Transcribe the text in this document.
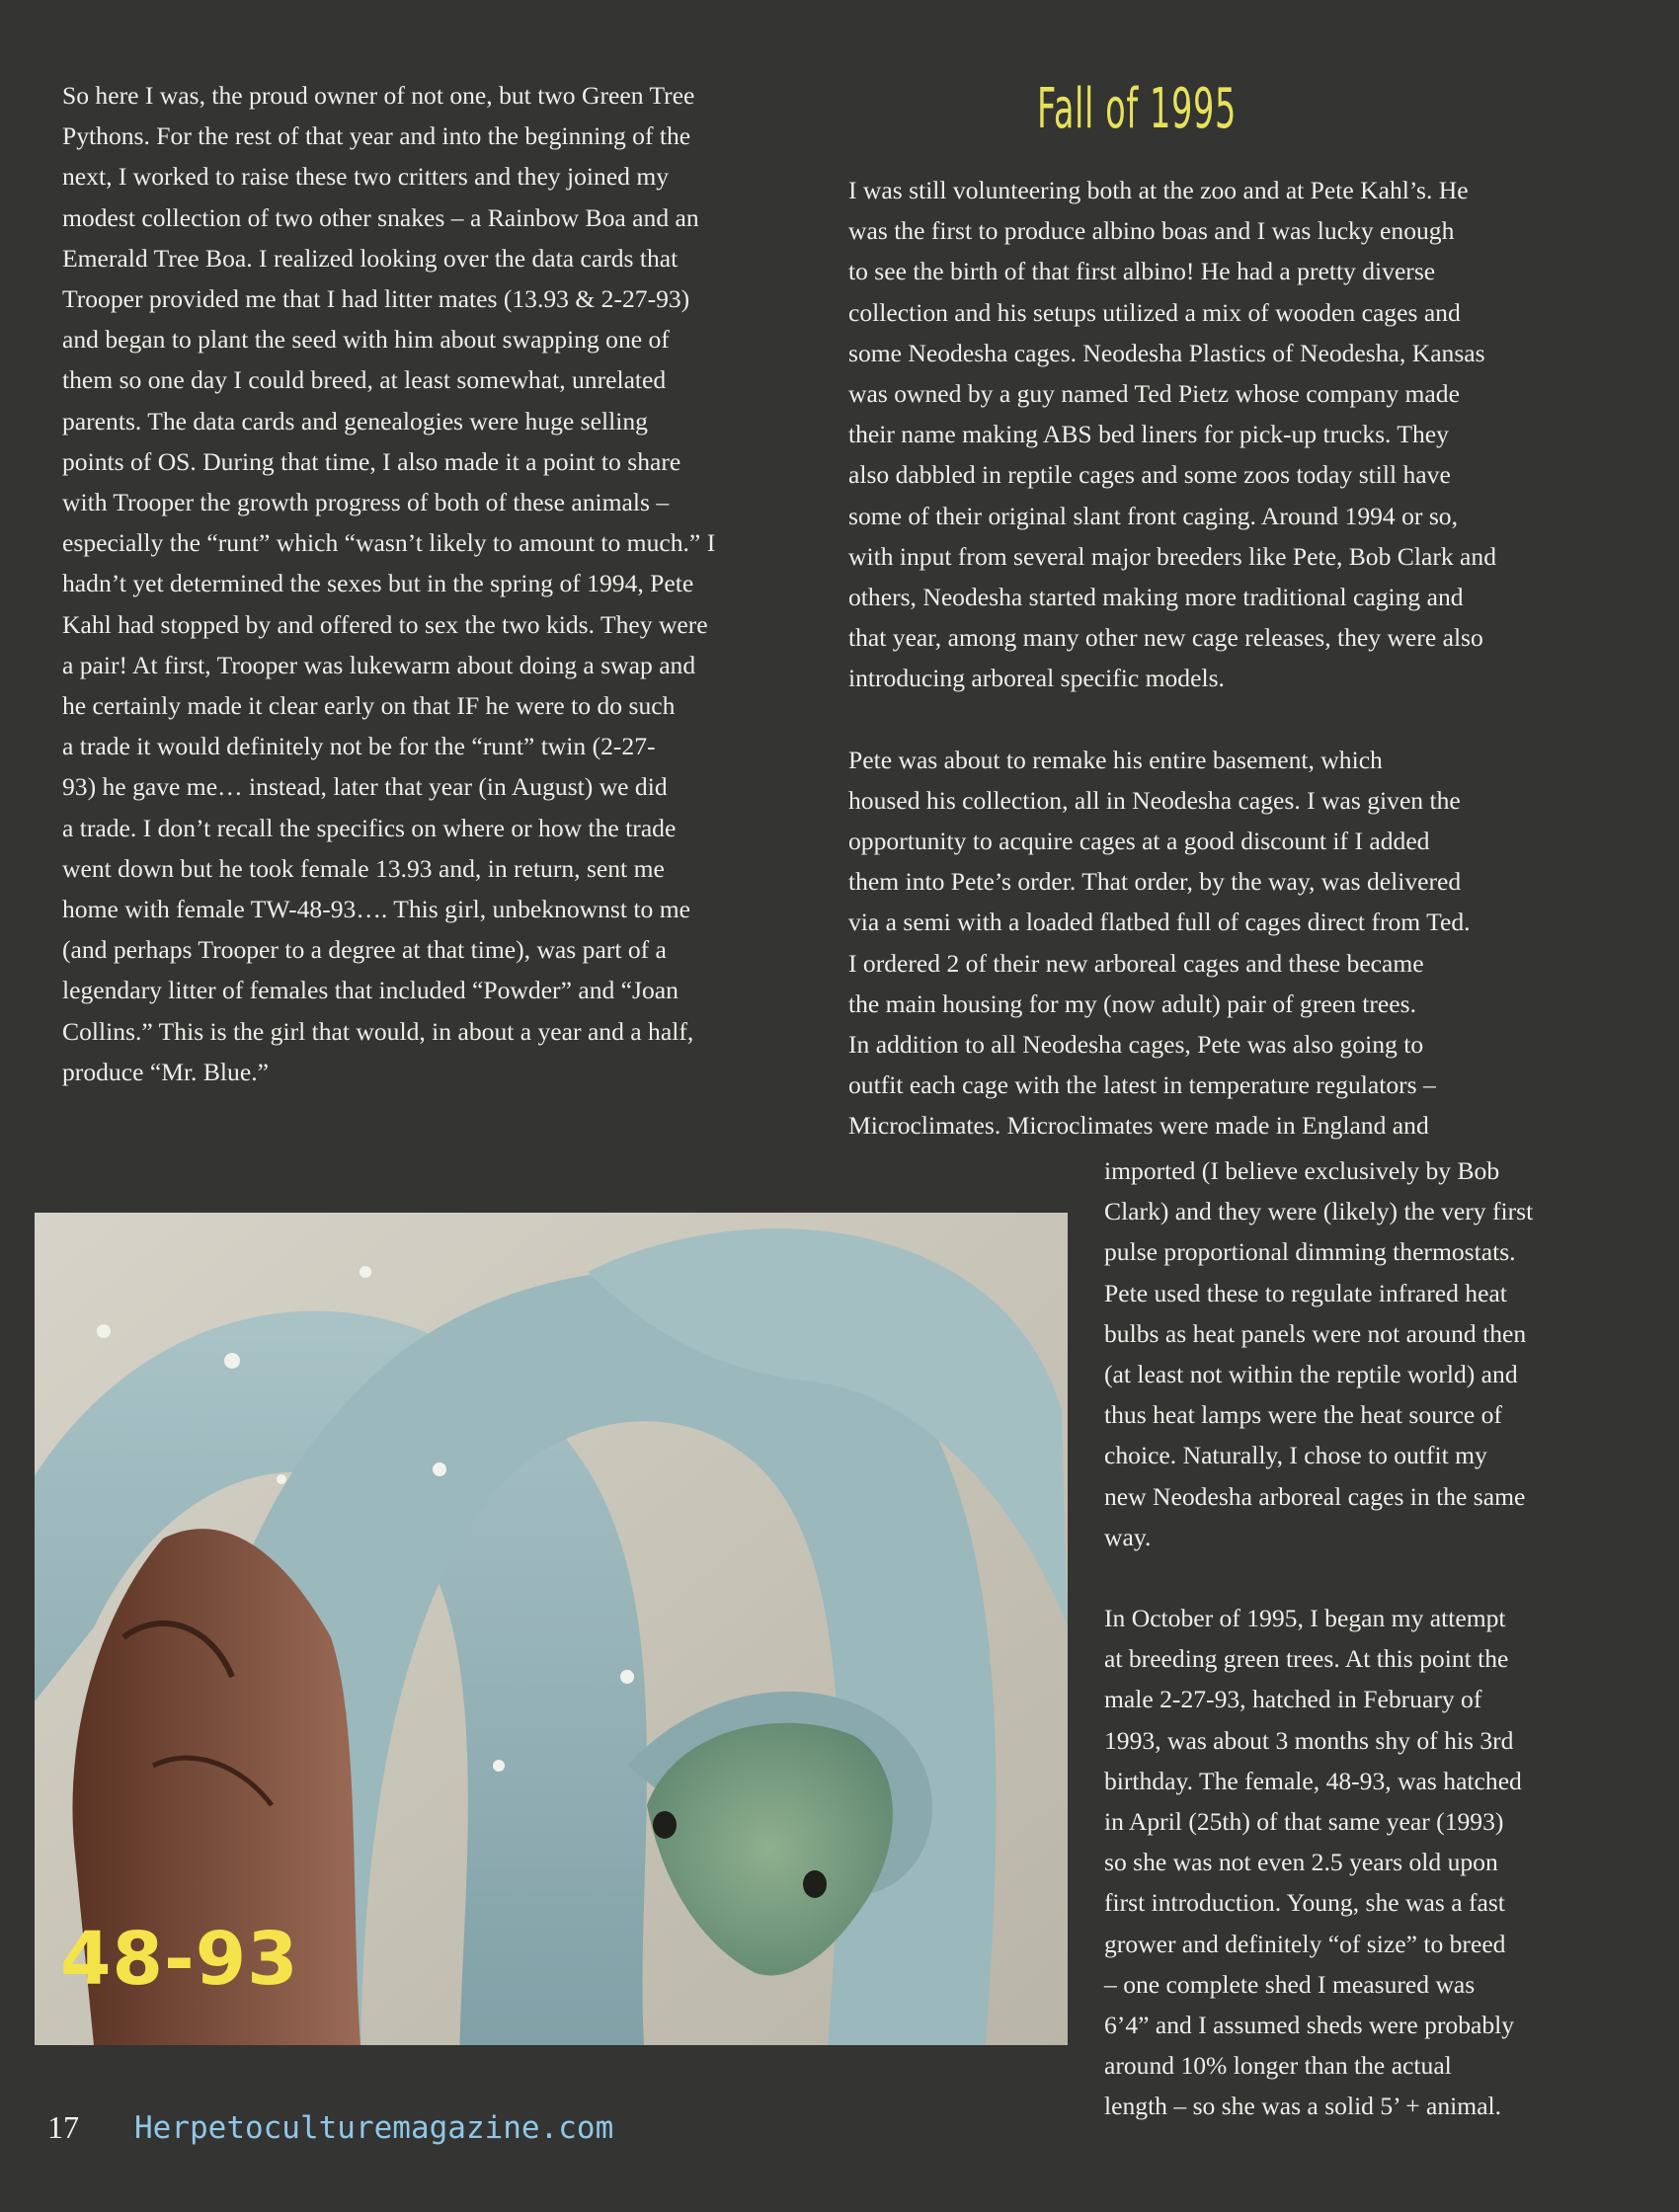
Fall of 1995

So here I was, the proud owner of not one, but two Green Tree

Pythons. For the rest of that year and into the beginning of the

next, I worked to raise these two critters and they joined my

modest collection of two other snakes – a Rainbow Boa and an

Emerald Tree Boa. I realized looking over the data cards that

Trooper provided me that I had litter mates (13.93 & 2-27-93)

and began to plant the seed with him about swapping one of

them so one day I could breed, at least somewhat, unrelated

parents. The data cards and genealogies were huge selling

points of OS. During that time, I also made it a point to share

with Trooper the growth progress of both of these animals –

especially the “runt” which “wasn’t likely to amount to much.” I

hadn’t yet determined the sexes but in the spring of 1994, Pete

Kahl had stopped by and offered to sex the two kids. They were

a pair! At first, Trooper was lukewarm about doing a swap and

he certainly made it clear early on that IF he were to do such

a trade it would definitely not be for the “runt” twin (2-27-

93) he gave me… instead, later that year (in August) we did

a trade. I don’t recall the specifics on where or how the trade

went down but he took female 13.93 and, in return, sent me

home with female TW-48-93…. This girl, unbeknownst to me

(and perhaps Trooper to a degree at that time), was part of a

legendary litter of females that included “Powder” and “Joan

Collins.” This is the girl that would, in about a year and a half,

produce “Mr. Blue.”

I was still volunteering both at the zoo and at Pete Kahl’s. He

was the first to produce albino boas and I was lucky enough

to see the birth of that first albino! He had a pretty diverse

collection and his setups utilized a mix of wooden cages and

some Neodesha cages. Neodesha Plastics of Neodesha, Kansas

was owned by a guy named Ted Pietz whose company made

their name making ABS bed liners for pick-up trucks. They

also dabbled in reptile cages and some zoos today still have

some of their original slant front caging. Around 1994 or so,

with input from several major breeders like Pete, Bob Clark and

others, Neodesha started making more traditional caging and

that year, among many other new cage releases, they were also

introducing arboreal specific models.

Pete was about to remake his entire basement, which

housed his collection, all in Neodesha cages. I was given the

opportunity to acquire cages at a good discount if I added

them into Pete’s order. That order, by the way, was delivered

via a semi with a loaded flatbed full of cages direct from Ted.

I ordered 2 of their new arboreal cages and these became

the main housing for my (now adult) pair of green trees.

In addition to all Neodesha cages, Pete was also going to

outfit each cage with the latest in temperature regulators –

Microclimates. Microclimates were made in England and

imported (I believe exclusively by Bob

Clark) and they were (likely) the very first

pulse proportional dimming thermostats.

Pete used these to regulate infrared heat

bulbs as heat panels were not around then

(at least not within the reptile world) and

thus heat lamps were the heat source of

choice. Naturally, I chose to outfit my

new Neodesha arboreal cages in the same

way.

In October of 1995, I began my attempt

at breeding green trees. At this point the

male 2-27-93, hatched in February of

1993, was about 3 months shy of his 3rd

birthday. The female, 48-93, was hatched

in April (25th) of that same year (1993)

so she was not even 2.5 years old upon

first introduction. Young, she was a fast

grower and definitely “of size” to breed

– one complete shed I measured was

6’4” and I assumed sheds were probably

around 10% longer than the actual

length – so she was a solid 5’ + animal.

48-93
17 Herpetoculturemagazine.com
